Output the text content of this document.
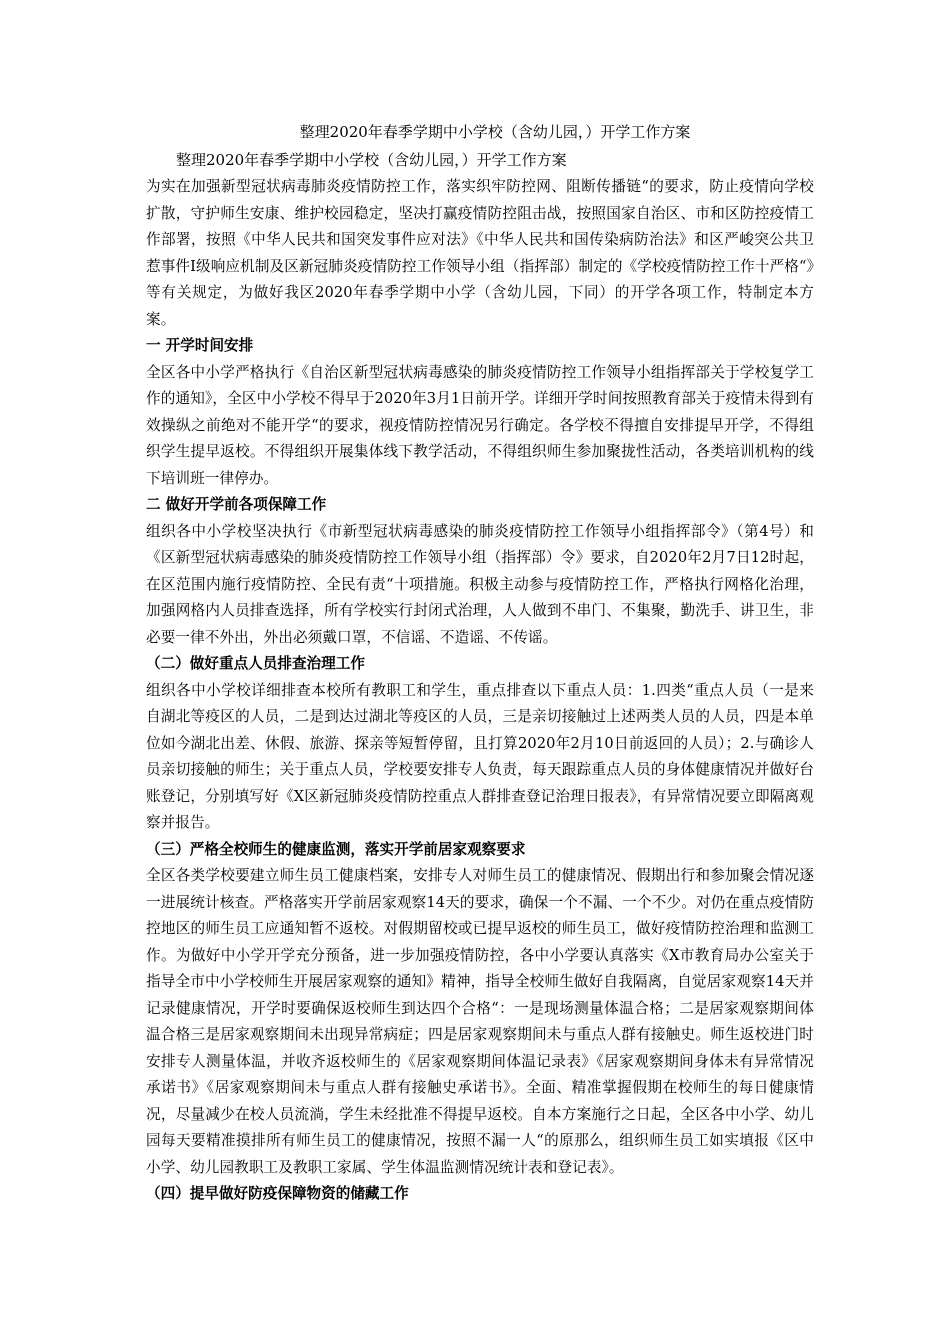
整理2020年春季学期中小学校（含幼儿园，）开学工作方案
整理2020年春季学期中小学校（含幼儿园，）开学工作方案

为实在加强新型冠状病毒肺炎疫情防控工作，落实织牢防控网、阻断传播链“的要求，防止疫情向学校扩散，守护师生安康、维护校园稳定，坚决打赢疫情防控阻击战，按照国家自治区、市和区防控疫情工作部署，按照《中华人民共和国突发事件应对法》《中华人民共和国传染病防治法》和区严峻突公共卫惹事件Ⅰ级响应机制及区新冠肺炎疫情防控工作领导小组（指挥部）制定的《学校疫情防控工作十严格“》等有关规定，为做好我区2020年春季学期中小学（含幼儿园，下同）的开学各项工作，特制定本方案。

一 开学时间安排

全区各中小学严格执行《自治区新型冠状病毒感染的肺炎疫情防控工作领导小组指挥部关于学校复学工作的通知》，全区中小学校不得早于2020年3月1日前开学。详细开学时间按照教育部关于疫情未得到有效操纵之前绝对不能开学“的要求，视疫情防控情况另行确定。各学校不得擅自安排提早开学，不得组织学生提早返校。不得组织开展集体线下教学活动，不得组织师生参加聚拢性活动，各类培训机构的线下培训班一律停办。

二 做好开学前各项保障工作

组织各中小学校坚决执行《市新型冠状病毒感染的肺炎疫情防控工作领导小组指挥部令》（第4号）和《区新型冠状病毒感染的肺炎疫情防控工作领导小组（指挥部）令》要求，自2020年2月7日12时起，在区范围内施行疫情防控、全民有责“十项措施。积极主动参与疫情防控工作，严格执行网格化治理，加强网格内人员排查选择，所有学校实行封闭式治理，人人做到不串门、不集聚，勤洗手、讲卫生，非必要一律不外出，外出必须戴口罩，不信谣、不造谣、不传谣。

（二）做好重点人员排查治理工作

组织各中小学校详细排查本校所有教职工和学生，重点排查以下重点人员：1.四类“重点人员（一是来自湖北等疫区的人员，二是到达过湖北等疫区的人员，三是亲切接触过上述两类人员的人员，四是本单位如今湖北出差、休假、旅游、探亲等短暂停留，且打算2020年2月10日前返回的人员）；2.与确诊人员亲切接触的师生；关于重点人员，学校要安排专人负责，每天跟踪重点人员的身体健康情况并做好台账登记，分别填写好《X区新冠肺炎疫情防控重点人群排查登记治理日报表》，有异常情况要立即隔离观察并报告。

（三）严格全校师生的健康监测，落实开学前居家观察要求

全区各类学校要建立师生员工健康档案，安排专人对师生员工的健康情况、假期出行和参加聚会情况逐一进展统计核查。严格落实开学前居家观察14天的要求，确保一个不漏、一个不少。对仍在重点疫情防控地区的师生员工应通知暂不返校。对假期留校或已提早返校的师生员工，做好疫情防控治理和监测工作。为做好中小学开学充分预备，进一步加强疫情防控，各中小学要认真落实《X市教育局办公室关于指导全市中小学校师生开展居家观察的通知》精神，指导全校师生做好自我隔离，自觉居家观察14天并记录健康情况，开学时要确保返校师生到达四个合格“：一是现场测量体温合格；二是居家观察期间体温合格三是居家观察期间未出现异常病症；四是居家观察期间未与重点人群有接触史。师生返校进门时安排专人测量体温，并收齐返校师生的《居家观察期间体温记录表》《居家观察期间身体未有异常情况承诺书》《居家观察期间未与重点人群有接触史承诺书》。全面、精准掌握假期在校师生的每日健康情况，尽量减少在校人员流淌，学生未经批准不得提早返校。自本方案施行之日起，全区各中小学、幼儿园每天要精准摸排所有师生员工的健康情况，按照不漏一人“的原那么，组织师生员工如实填报《区中小学、幼儿园教职工及教职工家属、学生体温监测情况统计表和登记表》。

（四）提早做好防疫保障物资的储藏工作
